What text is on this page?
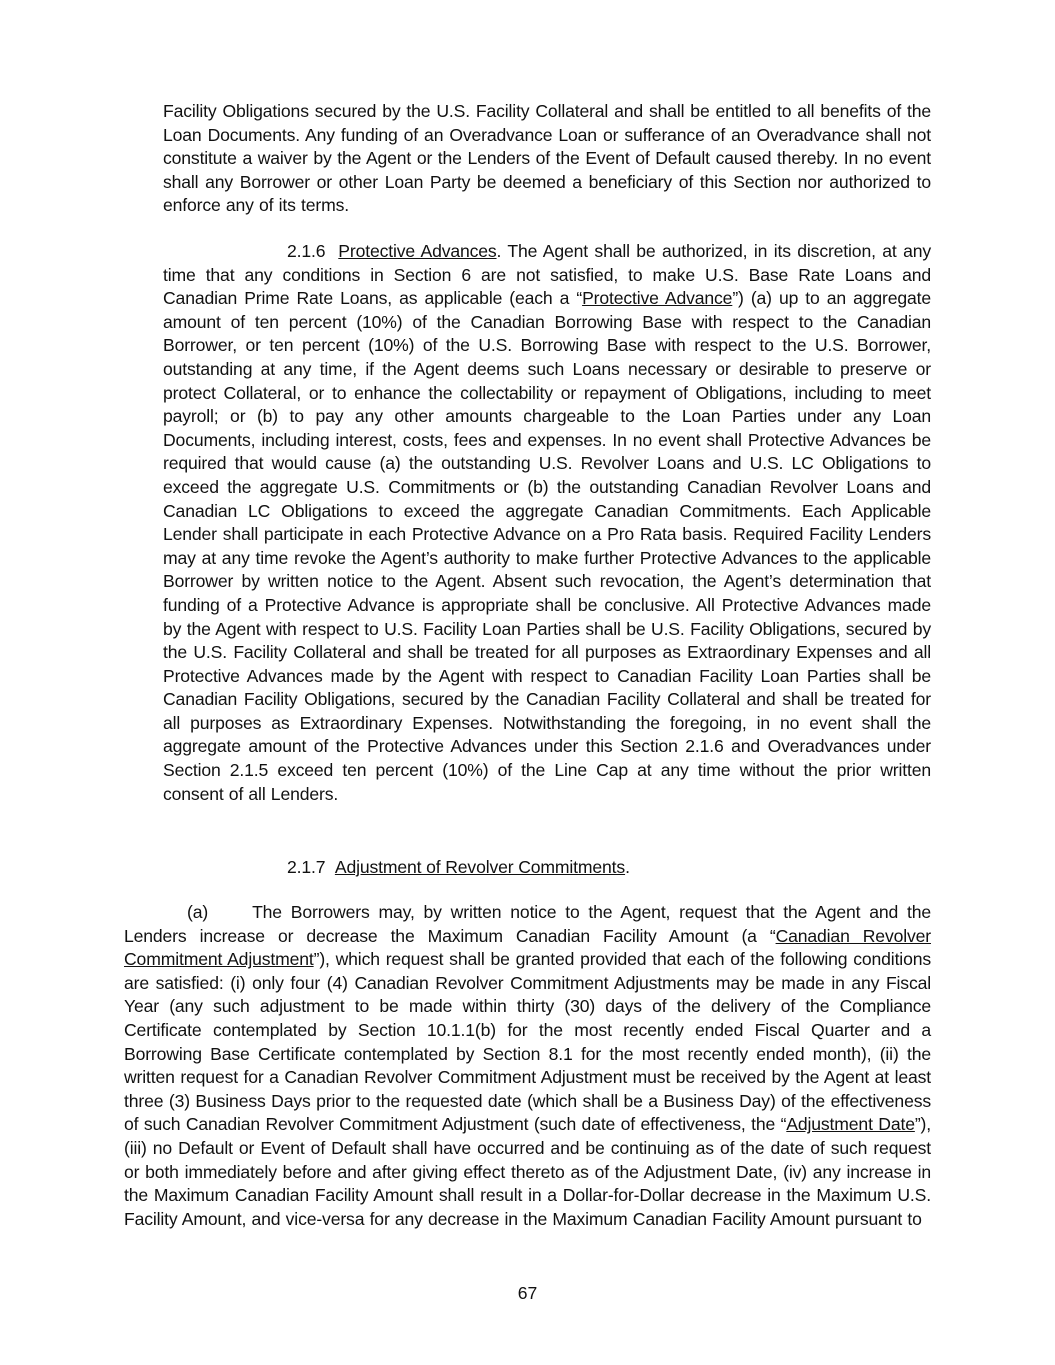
Facility Obligations secured by the U.S. Facility Collateral and shall be entitled to all benefits of the Loan Documents. Any funding of an Overadvance Loan or sufferance of an Overadvance shall not constitute a waiver by the Agent or the Lenders of the Event of Default caused thereby. In no event shall any Borrower or other Loan Party be deemed a beneficiary of this Section nor authorized to enforce any of its terms.

2.1.6 Protective Advances. The Agent shall be authorized, in its discretion, at any time that any conditions in Section 6 are not satisfied, to make U.S. Base Rate Loans and Canadian Prime Rate Loans, as applicable (each a “Protective Advance”) (a) up to an aggregate amount of ten percent (10%) of the Canadian Borrowing Base with respect to the Canadian Borrower, or ten percent (10%) of the U.S. Borrowing Base with respect to the U.S. Borrower, outstanding at any time, if the Agent deems such Loans necessary or desirable to preserve or protect Collateral, or to enhance the collectability or repayment of Obligations, including to meet payroll; or (b) to pay any other amounts chargeable to the Loan Parties under any Loan Documents, including interest, costs, fees and expenses. In no event shall Protective Advances be required that would cause (a) the outstanding U.S. Revolver Loans and U.S. LC Obligations to exceed the aggregate U.S. Commitments or (b) the outstanding Canadian Revolver Loans and Canadian LC Obligations to exceed the aggregate Canadian Commitments. Each Applicable Lender shall participate in each Protective Advance on a Pro Rata basis. Required Facility Lenders may at any time revoke the Agent’s authority to make further Protective Advances to the applicable Borrower by written notice to the Agent. Absent such revocation, the Agent’s determination that funding of a Protective Advance is appropriate shall be conclusive. All Protective Advances made by the Agent with respect to U.S. Facility Loan Parties shall be U.S. Facility Obligations, secured by the U.S. Facility Collateral and shall be treated for all purposes as Extraordinary Expenses and all Protective Advances made by the Agent with respect to Canadian Facility Loan Parties shall be Canadian Facility Obligations, secured by the Canadian Facility Collateral and shall be treated for all purposes as Extraordinary Expenses. Notwithstanding the foregoing, in no event shall the aggregate amount of the Protective Advances under this Section 2.1.6 and Overadvances under Section 2.1.5 exceed ten percent (10%) of the Line Cap at any time without the prior written consent of all Lenders.

2.1.7 Adjustment of Revolver Commitments.

(a)	The Borrowers may, by written notice to the Agent, request that the Agent and the Lenders increase or decrease the Maximum Canadian Facility Amount (a “Canadian Revolver Commitment Adjustment”), which request shall be granted provided that each of the following conditions are satisfied: (i) only four (4) Canadian Revolver Commitment Adjustments may be made in any Fiscal Year (any such adjustment to be made within thirty (30) days of the delivery of the Compliance Certificate contemplated by Section 10.1.1(b) for the most recently ended Fiscal Quarter and a Borrowing Base Certificate contemplated by Section 8.1 for the most recently ended month), (ii) the written request for a Canadian Revolver Commitment Adjustment must be received by the Agent at least three (3) Business Days prior to the requested date (which shall be a Business Day) of the effectiveness of such Canadian Revolver Commitment Adjustment (such date of effectiveness, the “Adjustment Date”), (iii) no Default or Event of Default shall have occurred and be continuing as of the date of such request or both immediately before and after giving effect thereto as of the Adjustment Date, (iv) any increase in the Maximum Canadian Facility Amount shall result in a Dollar-for-Dollar decrease in the Maximum U.S. Facility Amount, and vice-versa for any decrease in the Maximum Canadian Facility Amount pursuant to

67
